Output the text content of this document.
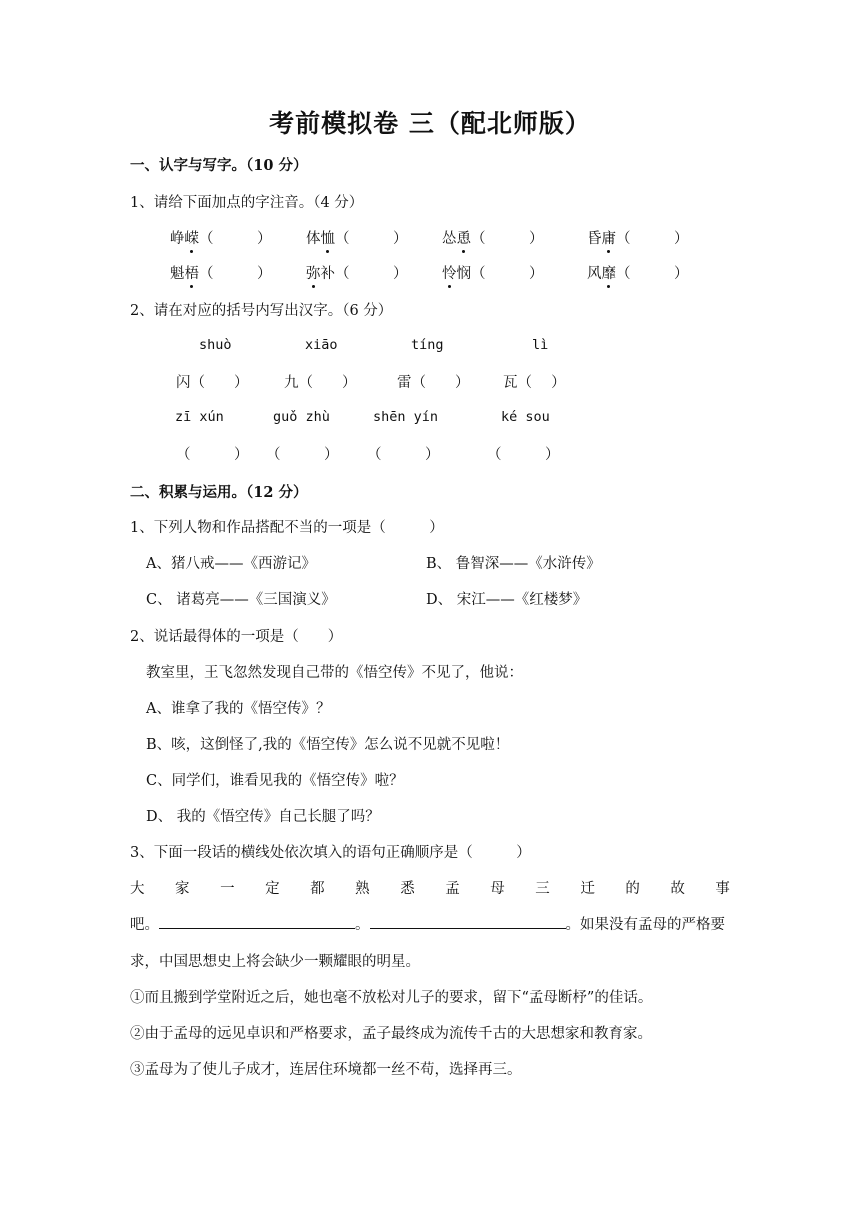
考前模拟卷 三（配北师版）
一、认字与写字。（10 分）
1、请给下面加点的字注音。（4 分）
峥嵘（　　　） 体恤（　　　） 怂恿（　　　）	昏庸（　　　）
魁梧（　　　） 弥补（　　　） 怜悯（　　　）	风靡（　　　）
2、请在对应的括号内写出汉字。（6 分）
shuò	xiāo	tíng	lì
闪（　　） 九（　　）	雷（　　） 瓦（　 ）
zī xún	guǒ zhù	shēn yín	ké sou
（　　　） （　　　） （　　　）	（　　　）
二、积累与运用。（12 分）
1、下列人物和作品搭配不当的一项是（　　　）
A、猪八戒——《西游记》	B、 鲁智深——《水浒传》
C、 诸葛亮——《三国演义》	D、 宋江——《红楼梦》
2、说话最得体的一项是（　　）
教室里，王飞忽然发现自己带的《悟空传》不见了，他说：
A、谁拿了我的《悟空传》？
B、咳，这倒怪了,我的《悟空传》怎么说不见就不见啦！
C、同学们，谁看见我的《悟空传》啦？
D、 我的《悟空传》自己长腿了吗？
3、下面一段话的横线处依次填入的语句正确顺序是（　　　）
大 家 一 定 都 熟 悉 孟 母 三 迁 的 故 事
吧。	。	。如果没有孟母的严格要
求，中国思想史上将会缺少一颗耀眼的明星。
①而且搬到学堂附近之后，她也毫不放松对儿子的要求，留下“孟母断杼”的佳话。
②由于孟母的远见卓识和严格要求，孟子最终成为流传千古的大思想家和教育家。
③孟母为了使儿子成才，连居住环境都一丝不苟，选择再三。
